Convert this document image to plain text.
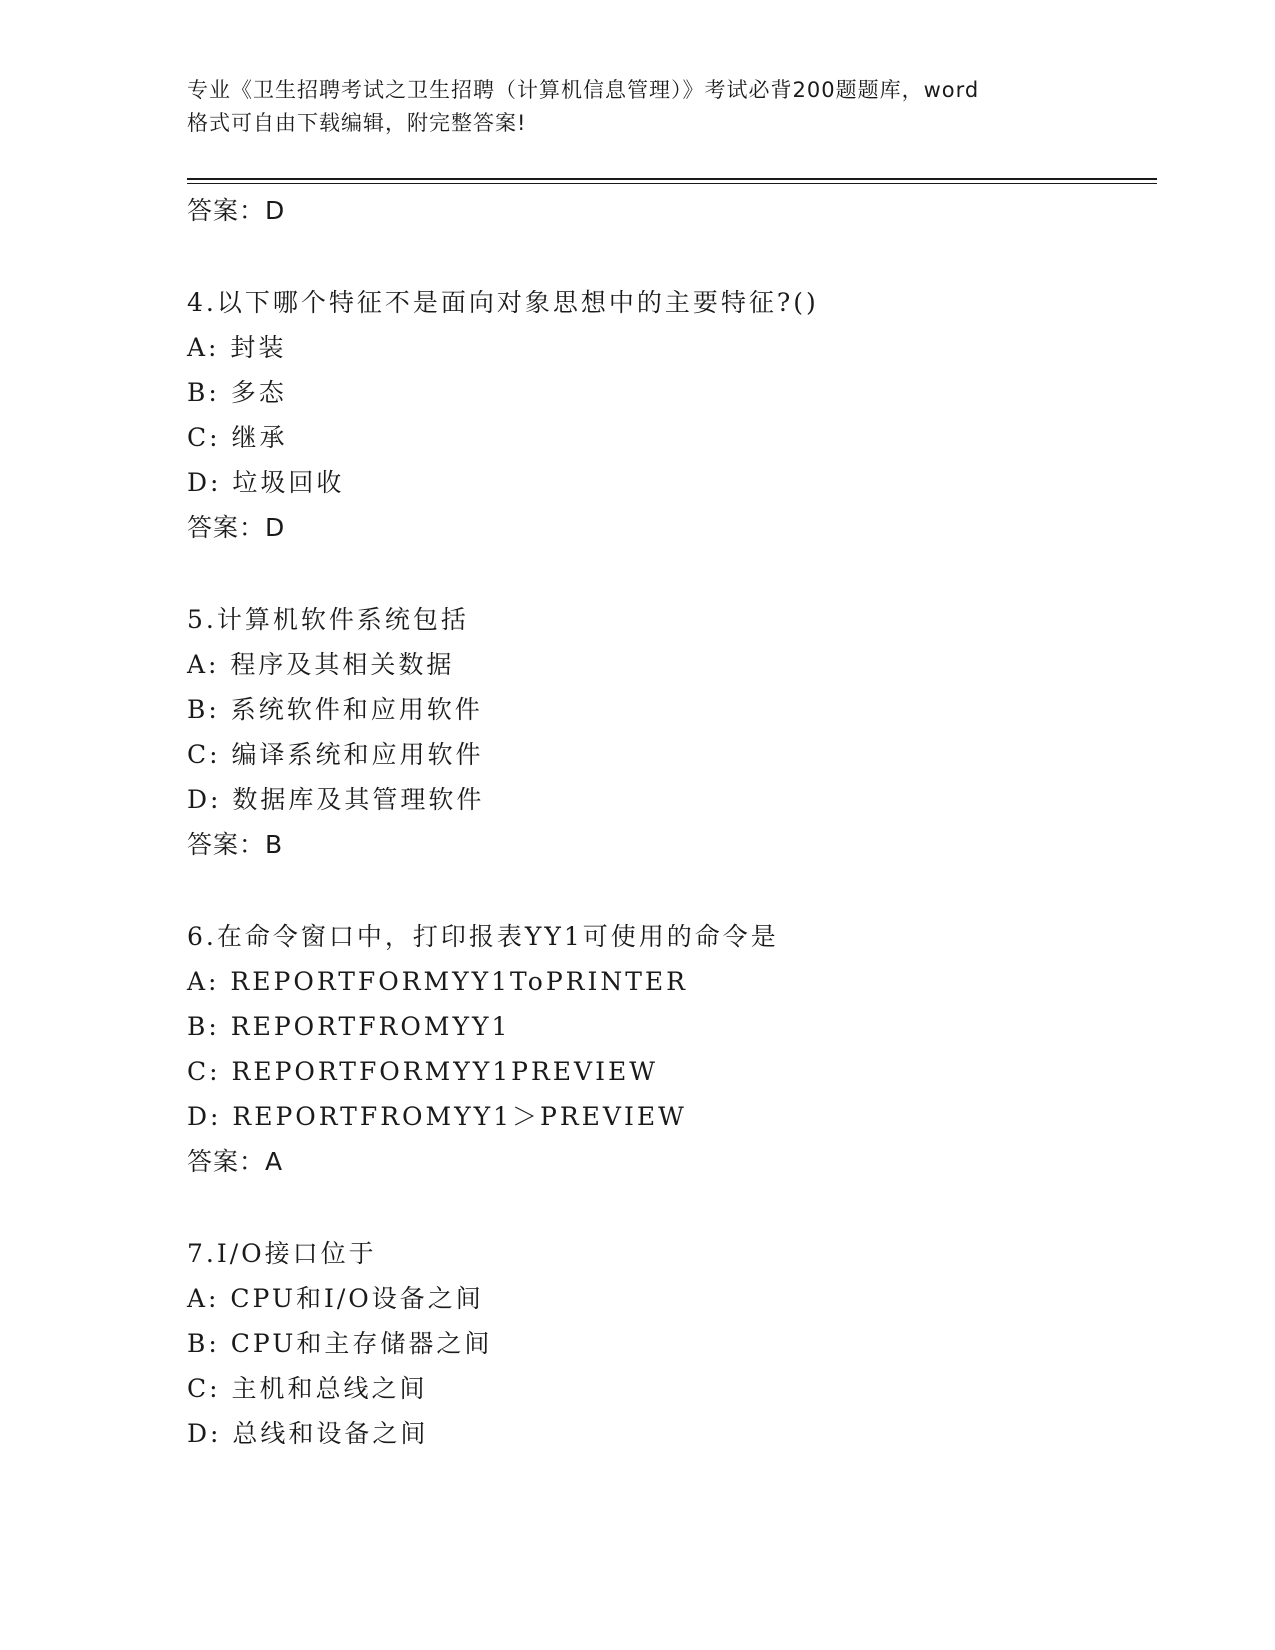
专业《卫生招聘考试之卫生招聘（计算机信息管理）》考试必背200题题库，word
格式可自由下载编辑，附完整答案!
答案：D
4.以下哪个特征不是面向对象思想中的主要特征?()
A: 封装
B: 多态
C: 继承
D: 垃圾回收
答案：D
5.计算机软件系统包括
A: 程序及其相关数据
B: 系统软件和应用软件
C: 编译系统和应用软件
D: 数据库及其管理软件
答案：B
6.在命令窗口中，打印报表YY1可使用的命令是
A: REPORTFORMYY1ToPRINTER
B: REPORTFROMYY1
C: REPORTFORMYY1PREVIEW
D: REPORTFROMYY1＞PREVIEW
答案：A
7.I/O接口位于
A: CPU和I/O设备之间
B: CPU和主存储器之间
C: 主机和总线之间
D: 总线和设备之间
